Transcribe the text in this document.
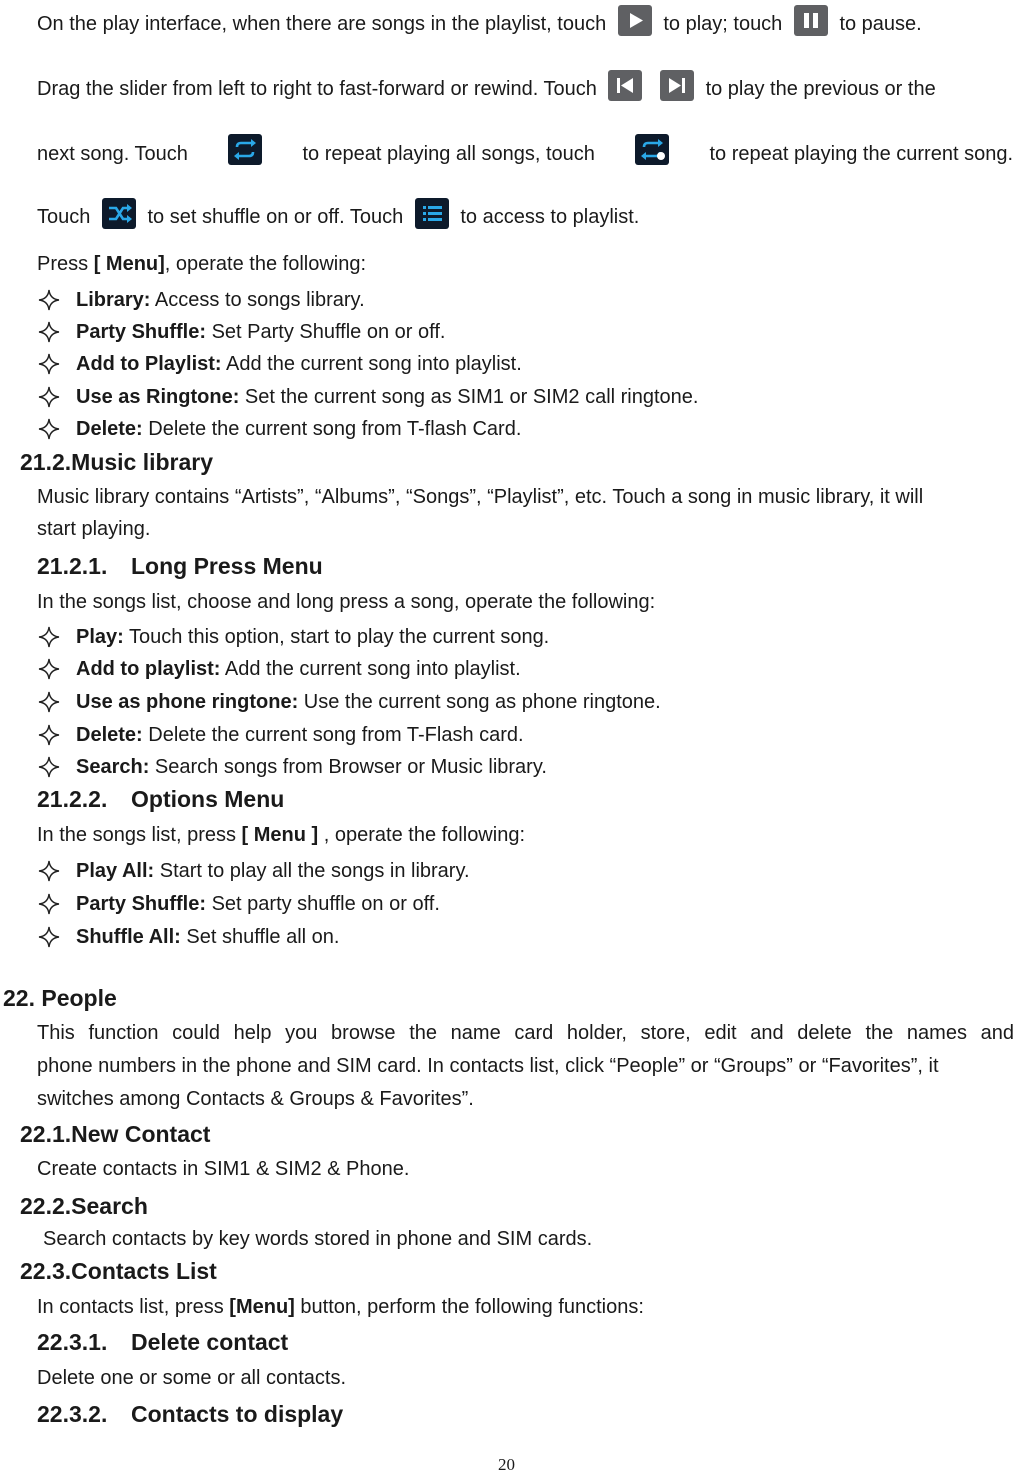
On the play interface, when there are songs in the playlist, touch	to play; touch	to pause.
Drag the slider from left to right to fast-forward or rewind. Touch
	to play the previous or the
next song. Touch	to repeat playing all songs, touch	to repeat playing the current song.
Touch	to set shuffle on or off. Touch	to access to playlist.
Press [ Menu], operate the following:
Library: Access to songs library.
Party Shuffle: Set Party Shuffle on or off.
Add to Playlist: Add the current song into playlist.
Use as Ringtone: Set the current song as SIM1 or SIM2 call ringtone.
Delete: Delete the current song from T-flash Card.
21.2.Music library
Music library contains “Artists”, “Albums”, “Songs”, “Playlist”, etc. Touch a song in music library, it will
start playing.
21.2.1. Long Press Menu
In the songs list, choose and long press a song, operate the following:
Play: Touch this option, start to play the current song.
Add to playlist: Add the current song into playlist.
Use as phone ringtone: Use the current song as phone ringtone.
Delete: Delete the current song from T-Flash card.
Search: Search songs from Browser or Music library.
21.2.2. Options Menu
In the songs list, press [ Menu ] , operate the following:
Play All: Start to play all the songs in library.
Party Shuffle: Set party shuffle on or off.
Shuffle All: Set shuffle all on.
22. People
This function could help you browse the name card holder, store, edit and delete the names and
phone numbers in the phone and SIM card. In contacts list, click “People” or “Groups” or “Favorites”, it
switches among Contacts & Groups & Favorites”.
22.1.New Contact
Create contacts in SIM1 & SIM2 & Phone.
22.2.Search
Search contacts by key words stored in phone and SIM cards.
22.3.Contacts List
In contacts list, press [Menu] button, perform the following functions:
22.3.1. Delete contact
Delete one or some or all contacts.
22.3.2. Contacts to display
20
